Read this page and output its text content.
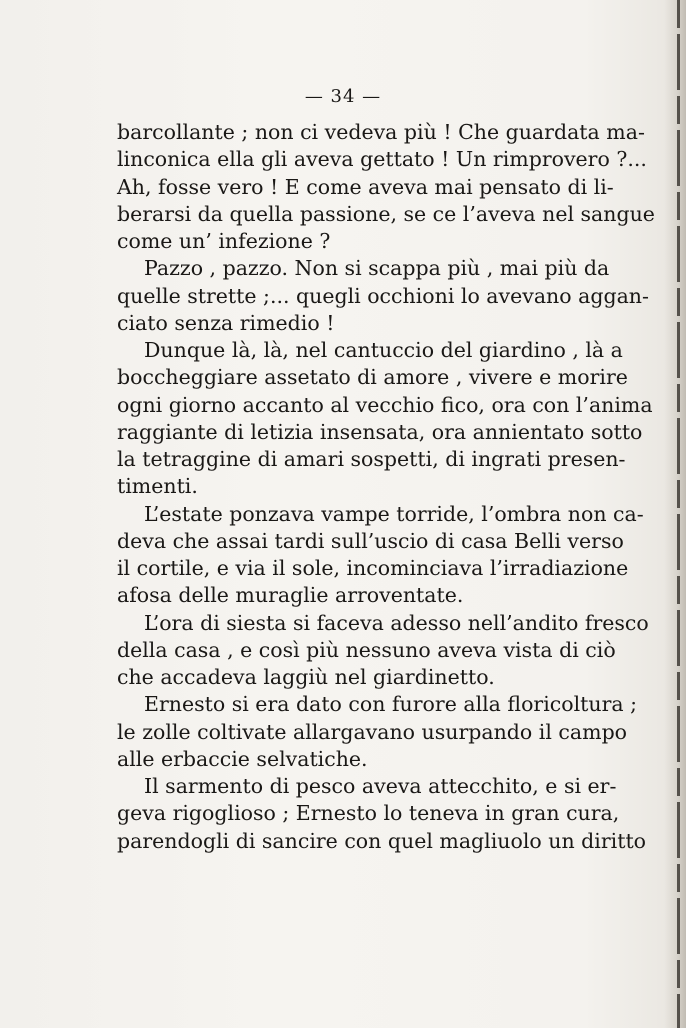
— 34 —
barcollante ; non ci vedeva più ! Che guardata ma-
linconica ella gli aveva gettato ! Un rimprovero ?...
Ah, fosse vero ! E come aveva mai pensato di li-
berarsi da quella passione, se ce l’aveva nel sangue
come un’ infezione ?
Pazzo , pazzo. Non si scappa più , mai più da
quelle strette ;... quegli occhioni lo avevano aggan-
ciato senza rimedio !
Dunque là, là, nel cantuccio del giardino , là a
boccheggiare assetato di amore , vivere e morire
ogni giorno accanto al vecchio fico, ora con l’anima
raggiante di letizia insensata, ora annientato sotto
la tetraggine di amari sospetti, di ingrati presen-
timenti.
L’estate ponzava vampe torride, l’ombra non ca-
deva che assai tardi sull’uscio di casa Belli verso
il cortile, e via il sole, incominciava l’irradiazione
afosa delle muraglie arroventate.
L’ora di siesta si faceva adesso nell’andito fresco
della casa , e così più nessuno aveva vista di ciò
che accadeva laggiù nel giardinetto.
Ernesto si era dato con furore alla floricoltura ;
le zolle coltivate allargavano usurpando il campo
alle erbaccie selvatiche.
Il sarmento di pesco aveva attecchito, e si er-
geva rigoglioso ; Ernesto lo teneva in gran cura,
parendogli di sancire con quel magliuolo un diritto
